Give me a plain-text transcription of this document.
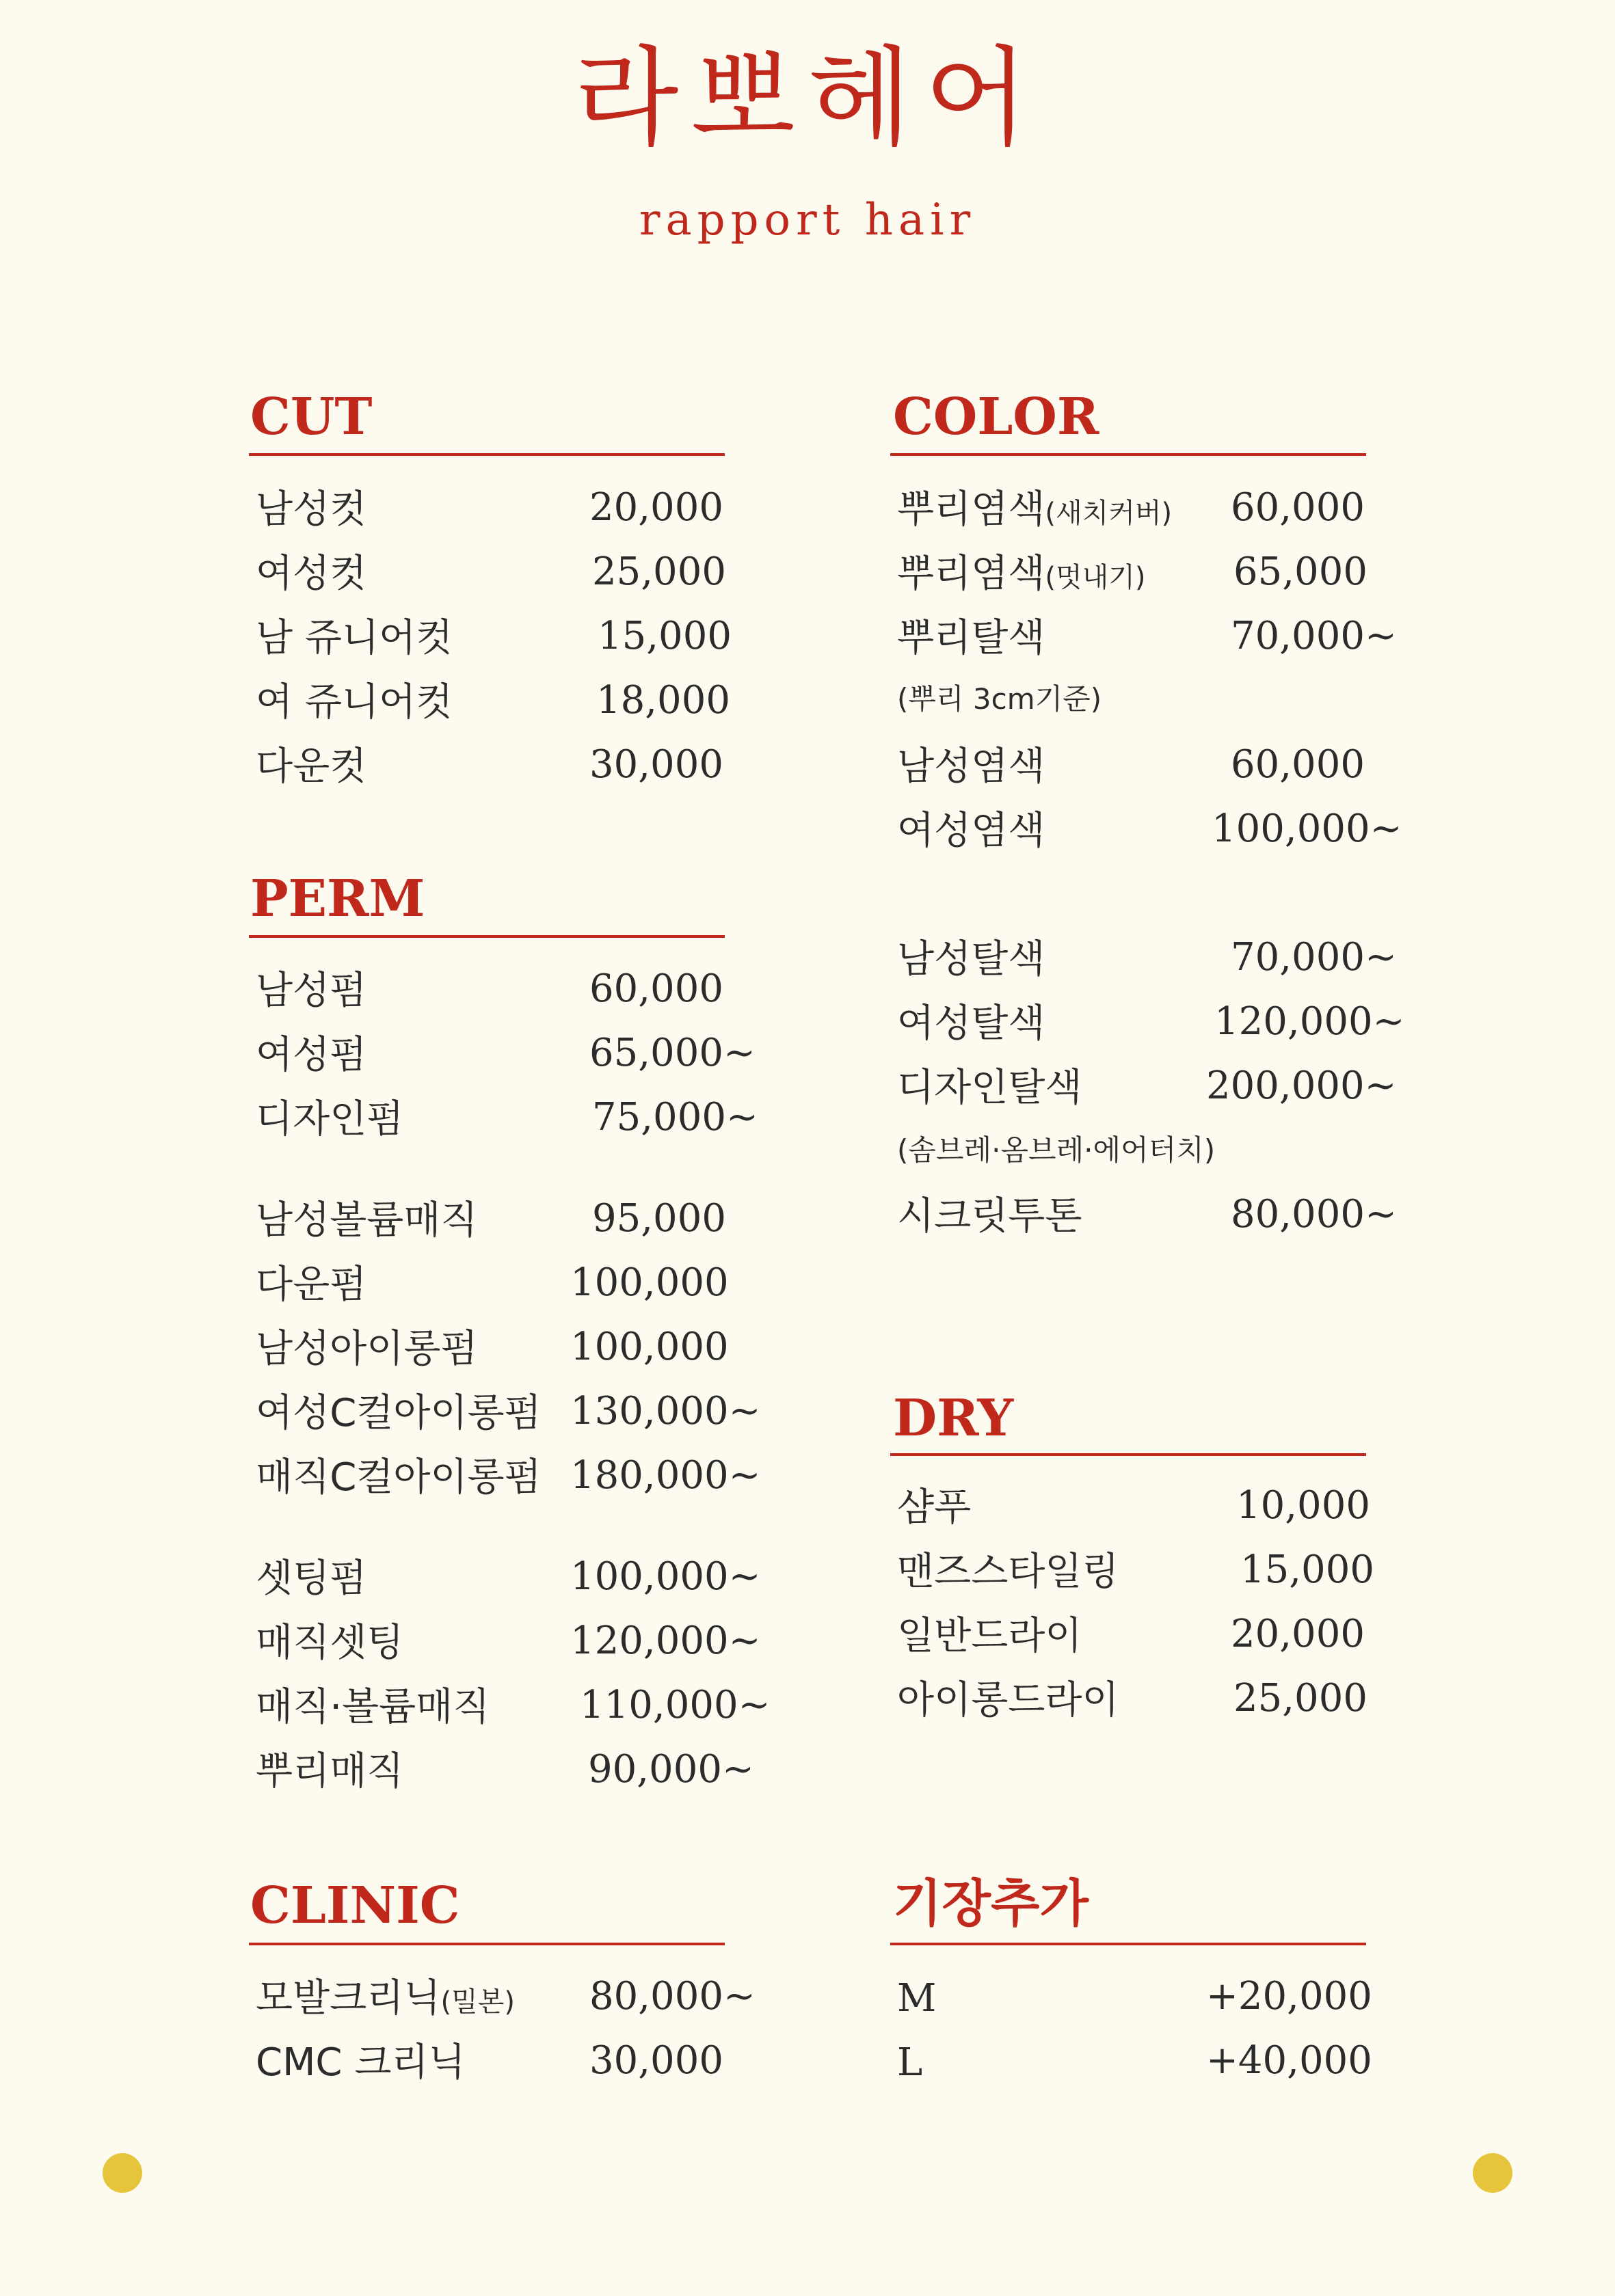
라뽀헤어
rapport hair
CUT
남성컷	20,000
여성컷	25,000
남 쥬니어컷	15,000
여 쥬니어컷	18,000
다운컷	30,000
PERM
남성펌	60,000
여성펌	65,000~
디자인펌	75,000~
남성볼륨매직	95,000
다운펌	100,000
남성아이롱펌 100,000
여성C컬아이롱펌 130,000~
매직C컬아이롱펌 180,000~
셋팅펌	100,000~
매직셋팅	120,000~
매직·볼륨매직 110,000~
뿌리매직	90,000~
CLINIC
모발크리닉(밀본) 80,000~
CMC 크리닉	30,000
COLOR
뿌리염색(새치커버) 60,000
뿌리염색(멋내기) 65,000
뿌리탈색	70,000~
(뿌리 3cm기준)
남성염색	60,000
여성염색	100,000~
남성탈색	70,000~
여성탈색	120,000~
디자인탈색	200,000~
(솜브레·옴브레·에어터치)
시크릿투톤	80,000~
DRY
샴푸	10,000
맨즈스타일링	15,000
일반드라이	20,000
아이롱드라이	25,000
기장추가
M	+20,000
L	+40,000
